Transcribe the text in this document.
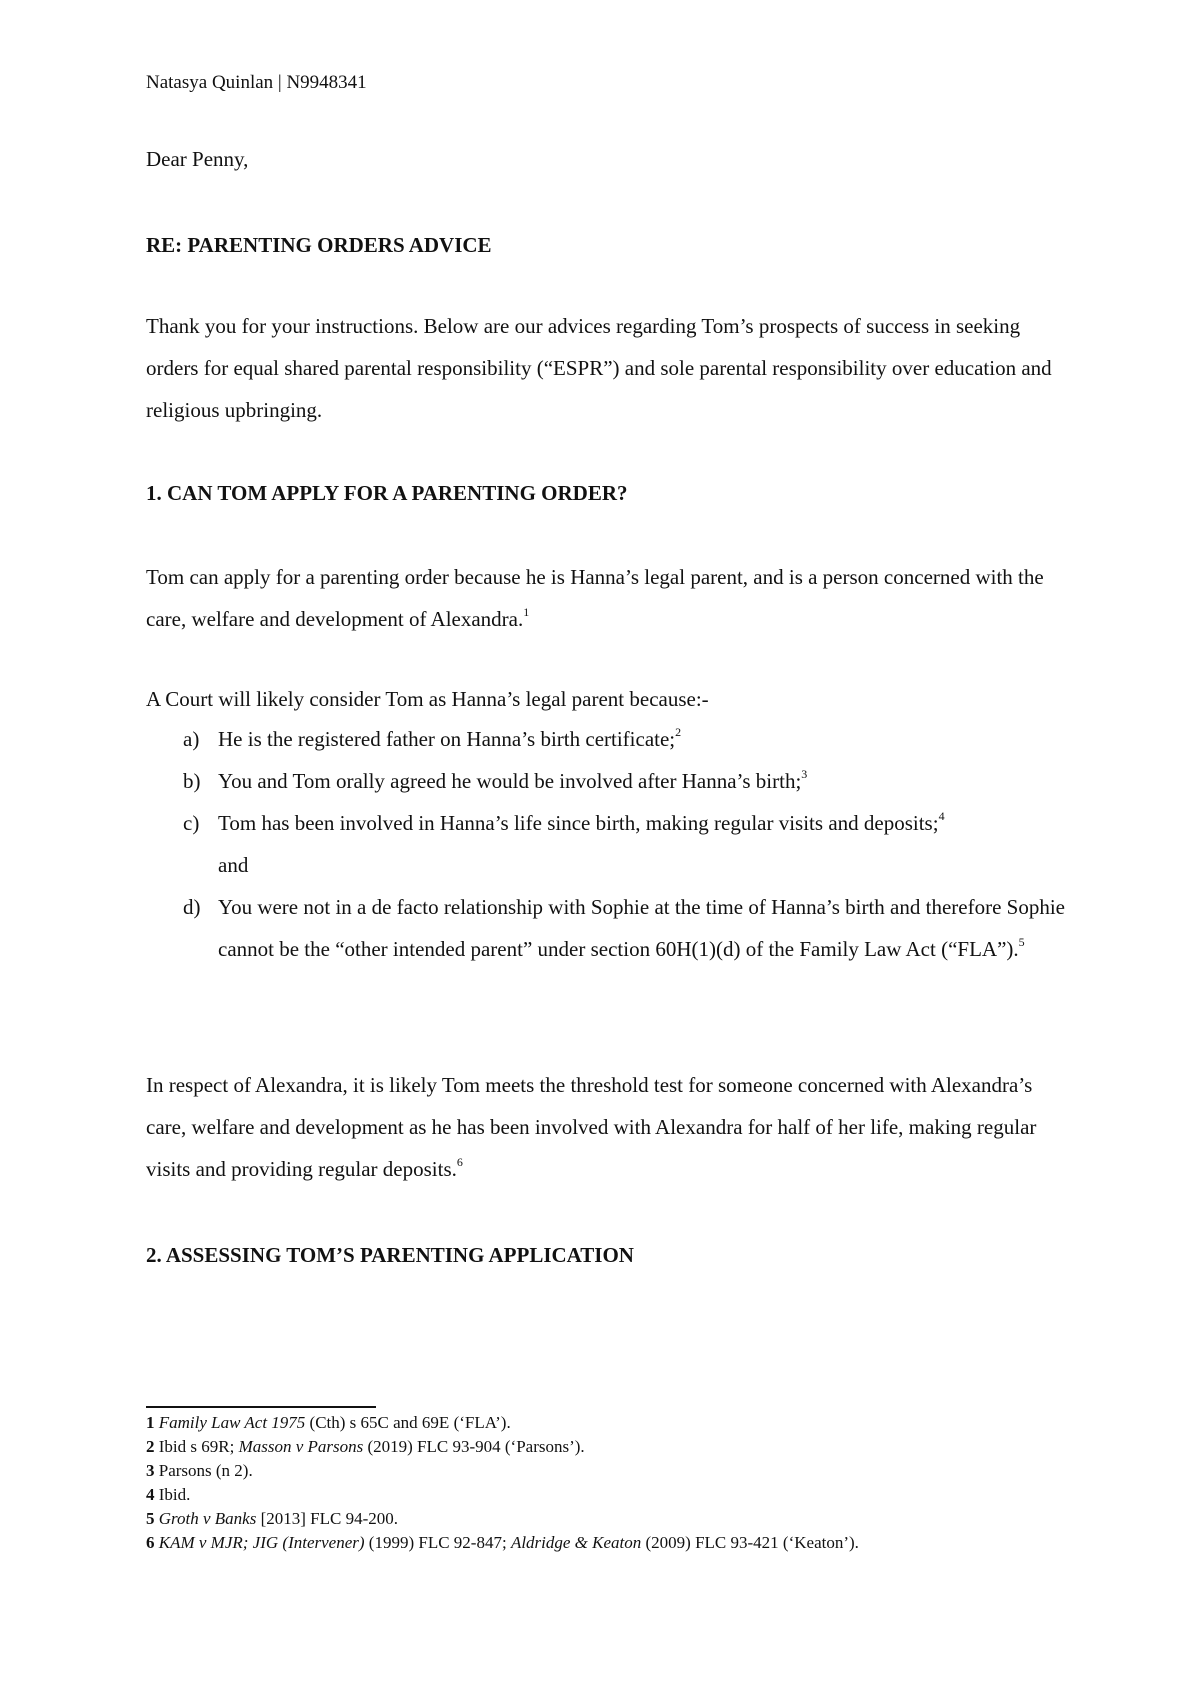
Natasya Quinlan | N9948341
Dear Penny,
RE: PARENTING ORDERS ADVICE
Thank you for your instructions. Below are our advices regarding Tom’s prospects of success in seeking orders for equal shared parental responsibility (“ESPR”) and sole parental responsibility over education and religious upbringing.
1. CAN TOM APPLY FOR A PARENTING ORDER?
Tom can apply for a parenting order because he is Hanna’s legal parent, and is a person concerned with the care, welfare and development of Alexandra.$^1$
A Court will likely consider Tom as Hanna’s legal parent because:-
a) He is the registered father on Hanna’s birth certificate;$^2$
b) You and Tom orally agreed he would be involved after Hanna’s birth;$^3$
c) Tom has been involved in Hanna’s life since birth, making regular visits and deposits;$^4$
and
d) You were not in a de facto relationship with Sophie at the time of Hanna’s birth and therefore Sophie cannot be the “other intended parent” under section 60H(1)(d) of the Family Law Act (“FLA”).$^5$
In respect of Alexandra, it is likely Tom meets the threshold test for someone concerned with Alexandra’s care, welfare and development as he has been involved with Alexandra for half of her life, making regular visits and providing regular deposits.$^6$
2. ASSESSING TOM’S PARENTING APPLICATION
1 Family Law Act 1975 (Cth) s 65C and 69E (‘FLA’).
2 Ibid s 69R; Masson v Parsons (2019) FLC 93-904 (‘Parsons’).
3 Parsons (n 2).
4 Ibid.
5 Groth v Banks [2013] FLC 94-200.
6 KAM v MJR; JIG (Intervener) (1999) FLC 92-847; Aldridge & Keaton (2009) FLC 93-421 (‘Keaton’).
